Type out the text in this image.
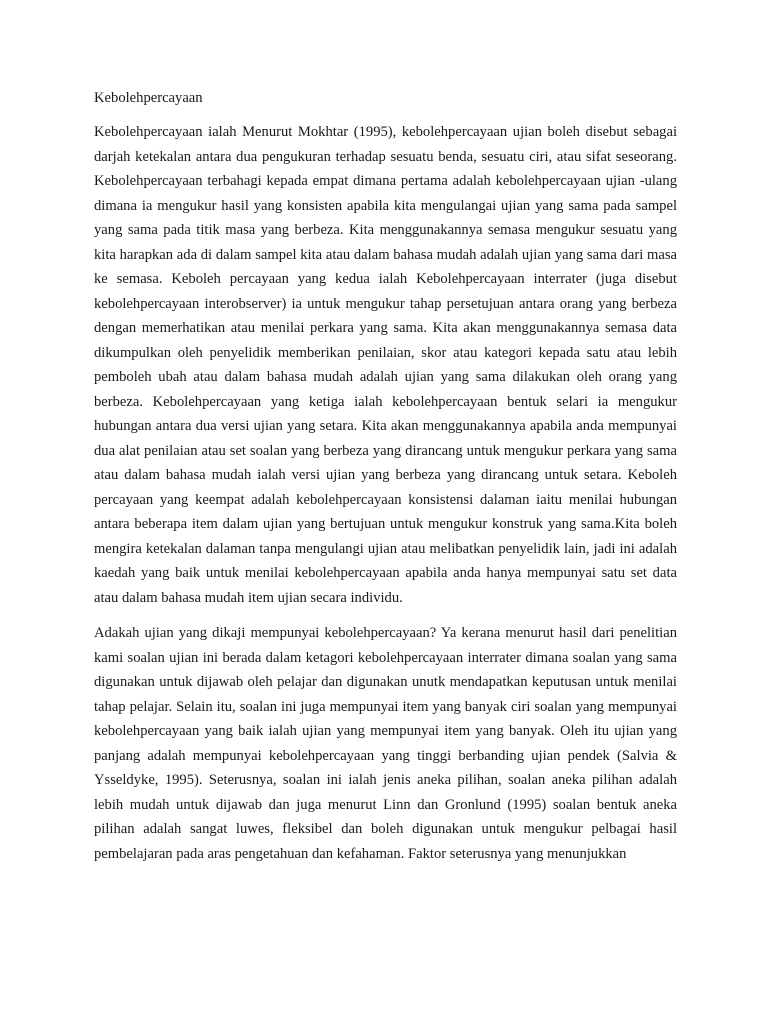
Kebolehpercayaan

Kebolehpercayaan ialah Menurut Mokhtar (1995), kebolehpercayaan ujian boleh disebut sebagai darjah ketekalan antara dua pengukuran terhadap sesuatu benda, sesuatu ciri, atau sifat seseorang. Kebolehpercayaan terbahagi kepada empat dimana pertama adalah kebolehpercayaan ujian -ulang dimana ia mengukur hasil yang konsisten apabila kita mengulangai ujian yang sama pada sampel yang sama pada titik masa yang berbeza. Kita menggunakannya semasa mengukur sesuatu yang kita harapkan ada di dalam sampel kita atau dalam bahasa mudah adalah ujian yang sama dari masa ke semasa. Keboleh percayaan yang kedua ialah Kebolehpercayaan interrater (juga disebut kebolehpercayaan interobserver) ia untuk mengukur tahap persetujuan antara orang yang berbeza dengan memerhatikan atau menilai perkara yang sama. Kita akan menggunakannya semasa data dikumpulkan oleh penyelidik memberikan penilaian, skor atau kategori kepada satu atau lebih pemboleh ubah atau dalam bahasa mudah adalah ujian yang sama dilakukan oleh orang yang berbeza. Kebolehpercayaan yang ketiga ialah kebolehpercayaan bentuk selari ia mengukur hubungan antara dua versi ujian yang setara. Kita akan menggunakannya apabila anda mempunyai dua alat penilaian atau set soalan yang berbeza yang dirancang untuk mengukur perkara yang sama atau dalam bahasa mudah ialah versi ujian yang berbeza yang dirancang untuk setara. Keboleh percayaan yang keempat adalah kebolehpercayaan konsistensi dalaman iaitu menilai hubungan antara beberapa item dalam ujian yang bertujuan untuk mengukur konstruk yang sama.Kita boleh mengira ketekalan dalaman tanpa mengulangi ujian atau melibatkan penyelidik lain, jadi ini adalah kaedah yang baik untuk menilai kebolehpercayaan apabila anda hanya mempunyai satu set data atau dalam bahasa mudah item ujian secara individu.

Adakah ujian yang dikaji mempunyai kebolehpercayaan? Ya kerana menurut hasil dari penelitian kami soalan ujian ini berada dalam ketagori kebolehpercayaan interrater dimana soalan yang sama digunakan untuk dijawab oleh pelajar dan digunakan unutk mendapatkan keputusan untuk menilai tahap pelajar. Selain itu, soalan ini juga mempunyai item yang banyak ciri soalan yang mempunyai kebolehpercayaan yang baik ialah ujian yang mempunyai item yang banyak. Oleh itu ujian yang panjang adalah mempunyai kebolehpercayaan yang tinggi berbanding ujian pendek (Salvia & Ysseldyke, 1995). Seterusnya, soalan ini ialah jenis aneka pilihan, soalan aneka pilihan adalah lebih mudah untuk dijawab dan juga menurut Linn dan Gronlund (1995) soalan bentuk aneka pilihan adalah sangat luwes, fleksibel dan boleh digunakan untuk mengukur pelbagai hasil pembelajaran pada aras pengetahuan dan kefahaman. Faktor seterusnya yang menunjukkan
